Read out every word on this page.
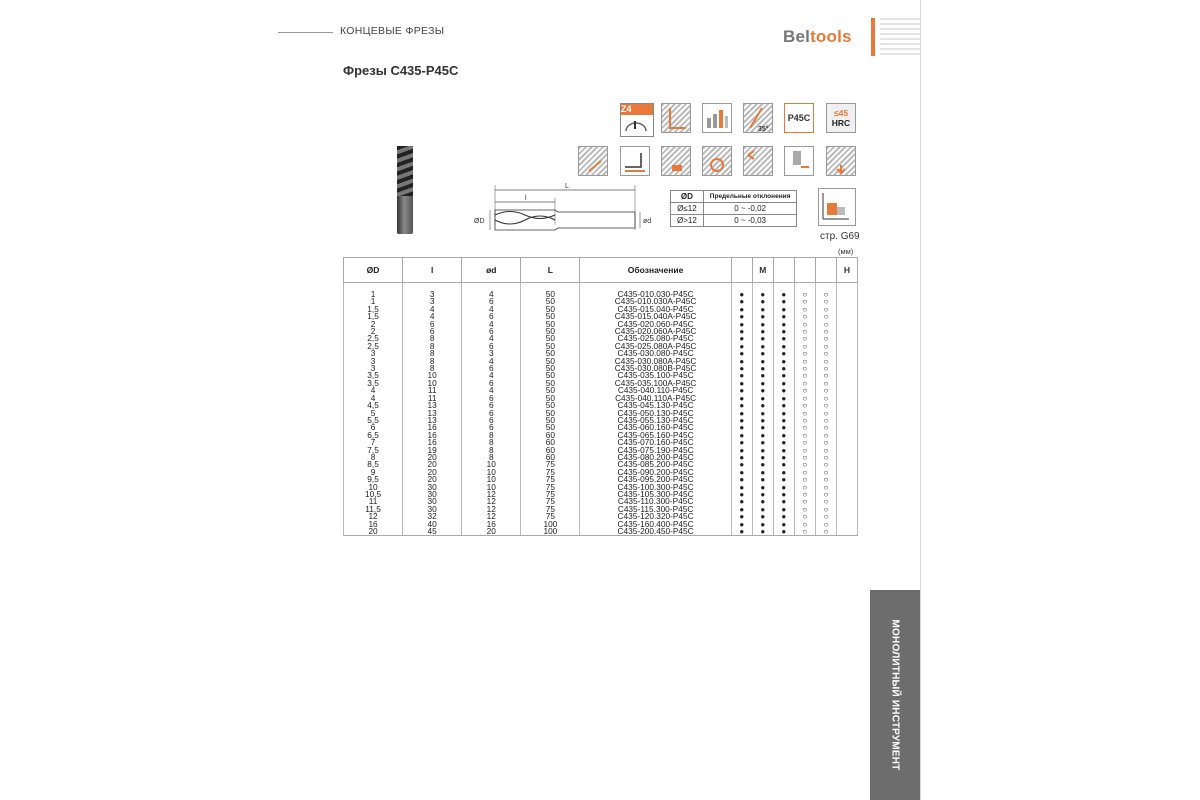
КОНЦЕВЫЕ ФРЕЗЫ	Beltools
Фрезы C435-P45C
Z4
35°
P45C	≤45
HRC
L
l
ØD	ød
ØD	Предельные отклонения
Ø≤12	0 ~ -0,02
Ø>12	0 ~ -0,03
стр. G69
(мм)
ØD	l	ød	L	Обозначение	P	M	K	N	S	H

1	3	4	50	C435-010.030-P45C	●	●	●	○	○	
1	3	6	50	C435-010.030A-P45C	●	●	●	○	○	
1,5	4	4	50	C435-015.040-P45C	●	●	●	○	○	
1,5	4	6	50	C435-015.040A-P45C	●	●	●	○	○	
2	6	4	50	C435-020.060-P45C	●	●	●	○	○	
2	6	6	50	C435-020.060A-P45C	●	●	●	○	○	
2,5	8	4	50	C435-025.080-P45C	●	●	●	○	○	
2,5	8	6	50	C435-025.080A-P45C	●	●	●	○	○	
3	8	3	50	C435-030.080-P45C	●	●	●	○	○	
3	8	4	50	C435-030.080A-P45C	●	●	●	○	○	
3	8	6	50	C435-030.080B-P45C	●	●	●	○	○	
3,5	10	4	50	C435-035.100-P45C	●	●	●	○	○	
3,5	10	6	50	C435-035.100A-P45C	●	●	●	○	○	
4	11	4	50	C435-040.110-P45C	●	●	●	○	○	
4	11	6	50	C435-040.110A-P45C	●	●	●	○	○	
4,5	13	6	50	C435-045.130-P45C	●	●	●	○	○	
5	13	6	50	C435-050.130-P45C	●	●	●	○	○	
5,5	13	6	50	C435-055.130-P45C	●	●	●	○	○	
6	16	6	50	C435-060.160-P45C	●	●	●	○	○	
6,5	16	8	60	C435-065.160-P45C	●	●	●	○	○	
7	16	8	60	C435-070.160-P45C	●	●	●	○	○	
7,5	19	8	60	C435-075.190-P45C	●	●	●	○	○	
8	20	8	60	C435-080.200-P45C	●	●	●	○	○	
8,5	20	10	75	C435-085.200-P45C	●	●	●	○	○	
9	20	10	75	C435-090.200-P45C	●	●	●	○	○	
9,5	20	10	75	C435-095.200-P45C	●	●	●	○	○	
10	30	10	75	C435-100.300-P45C	●	●	●	○	○	
10,5	30	12	75	C435-105.300-P45C	●	●	●	○	○	
11	30	12	75	C435-110.300-P45C	●	●	●	○	○	
11,5	30	12	75	C435-115.300-P45C	●	●	●	○	○	
12	32	12	75	C435-120.320-P45C	●	●	●	○	○	
16	40	16	100	C435-160.400-P45C	●	●	●	○	○	
20	45	20	100	C435-200.450-P45C	●	●	●	○	○	
МОНОЛИТНЫЙ ИНСТРУМЕНТ
